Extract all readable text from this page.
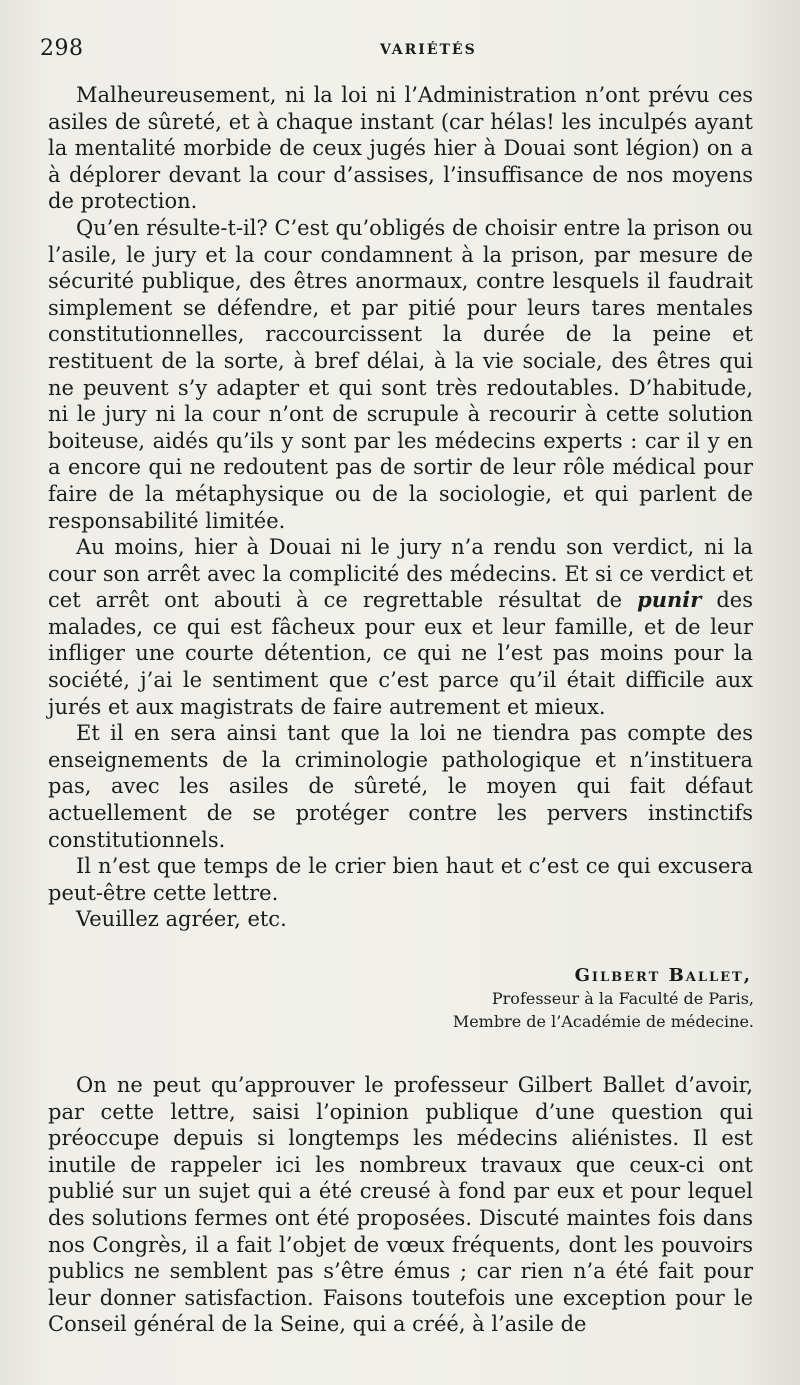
298	VARIÉTÉS

Malheureusement, ni la loi ni l’Administration n’ont prévu ces asiles de sûreté, et à chaque instant (car hélas! les inculpés ayant la mentalité morbide de ceux jugés hier à Douai sont légion) on a à déplorer devant la cour d’assises, l’insuffisance de nos moyens de protection.

Qu’en résulte-t-il? C’est qu’obligés de choisir entre la prison ou l’asile, le jury et la cour condamnent à la prison, par mesure de sécurité publique, des êtres anormaux, contre lesquels il faudrait simplement se défendre, et par pitié pour leurs tares mentales constitutionnelles, raccourcissent la durée de la peine et restituent de la sorte, à bref délai, à la vie sociale, des êtres qui ne peuvent s’y adapter et qui sont très redoutables. D’habitude, ni le jury ni la cour n’ont de scrupule à recourir à cette solution boiteuse, aidés qu’ils y sont par les médecins experts : car il y en a encore qui ne redoutent pas de sortir de leur rôle médical pour faire de la métaphysique ou de la sociologie, et qui parlent de responsabilité limitée.

Au moins, hier à Douai ni le jury n’a rendu son verdict, ni la cour son arrêt avec la complicité des médecins. Et si ce verdict et cet arrêt ont abouti à ce regrettable résultat de punir des malades, ce qui est fâcheux pour eux et leur famille, et de leur infliger une courte détention, ce qui ne l’est pas moins pour la société, j’ai le sentiment que c’est parce qu’il était difficile aux jurés et aux magistrats de faire autrement et mieux.

Et il en sera ainsi tant que la loi ne tiendra pas compte des enseignements de la criminologie pathologique et n’instituera pas, avec les asiles de sûreté, le moyen qui fait défaut actuellement de se protéger contre les pervers instinctifs constitutionnels.

Il n’est que temps de le crier bien haut et c’est ce qui excusera peut-être cette lettre.

Veuillez agréer, etc.

Gilbert Ballet,
Professeur à la Faculté de Paris,
Membre de l’Académie de médecine.

On ne peut qu’approuver le professeur Gilbert Ballet d’avoir, par cette lettre, saisi l’opinion publique d’une question qui préoccupe depuis si longtemps les médecins aliénistes. Il est inutile de rappeler ici les nombreux travaux que ceux-ci ont publié sur un sujet qui a été creusé à fond par eux et pour lequel des solutions fermes ont été proposées. Discuté maintes fois dans nos Congrès, il a fait l’objet de vœux fréquents, dont les pouvoirs publics ne semblent pas s’être émus ; car rien n’a été fait pour leur donner satisfaction. Faisons toutefois une exception pour le Conseil général de la Seine, qui a créé, à l’asile de
